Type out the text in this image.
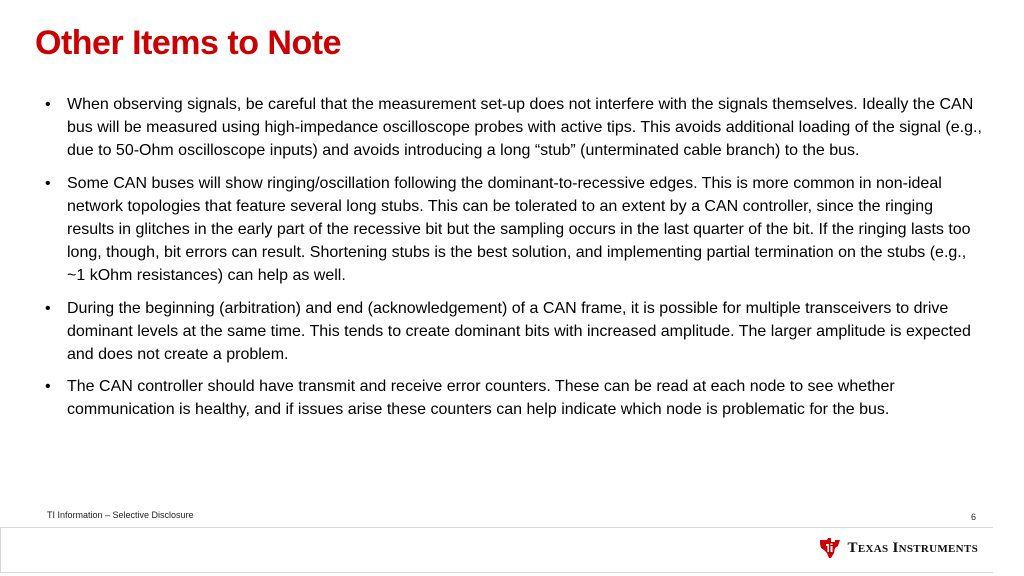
Other Items to Note
• When observing signals, be careful that the measurement set-up does not interfere with the signals themselves. Ideally the CAN bus will be measured using high-impedance oscilloscope probes with active tips. This avoids additional loading of the signal (e.g., due to 50-Ohm oscilloscope inputs) and avoids introducing a long “stub” (unterminated cable branch) to the bus.
• Some CAN buses will show ringing/oscillation following the dominant-to-recessive edges. This is more common in non-ideal network topologies that feature several long stubs. This can be tolerated to an extent by a CAN controller, since the ringing results in glitches in the early part of the recessive bit but the sampling occurs in the last quarter of the bit. If the ringing lasts too long, though, bit errors can result. Shortening stubs is the best solution, and implementing partial termination on the stubs (e.g., ~1 kOhm resistances) can help as well.
• During the beginning (arbitration) and end (acknowledgement) of a CAN frame, it is possible for multiple transceivers to drive dominant levels at the same time. This tends to create dominant bits with increased amplitude. The larger amplitude is expected and does not create a problem.
• The CAN controller should have transmit and receive error counters. These can be read at each node to see whether communication is healthy, and if issues arise these counters can help indicate which node is problematic for the bus.
TI Information – Selective Disclosure	6
Texas Instruments
